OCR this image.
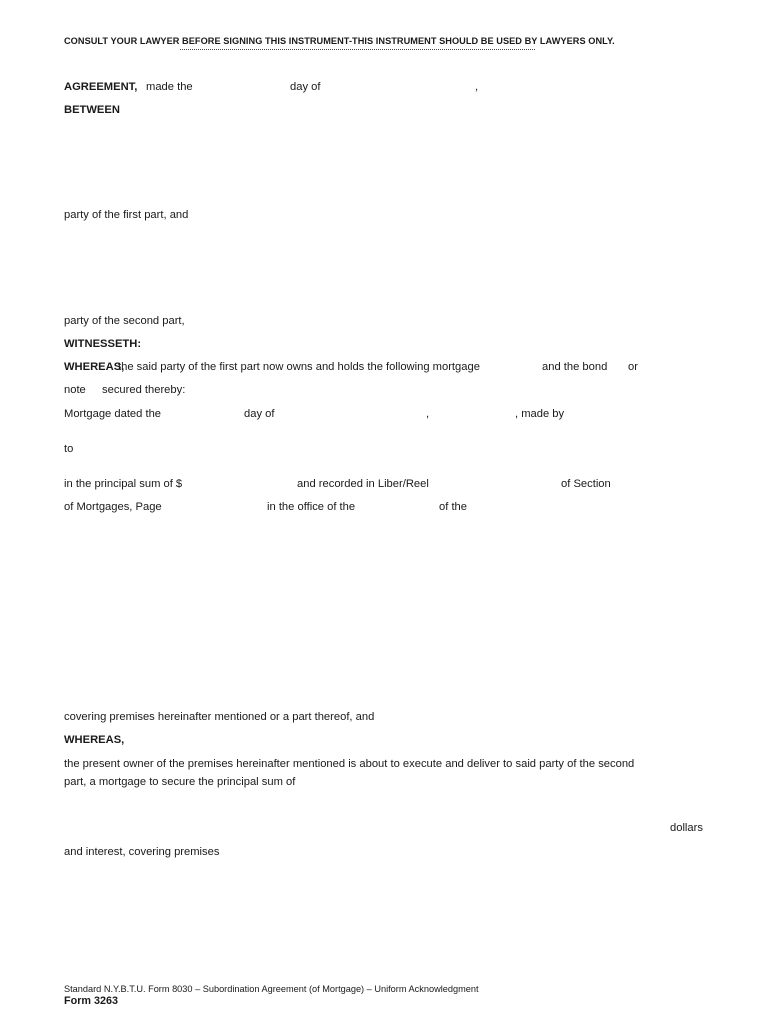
CONSULT YOUR LAWYER BEFORE SIGNING THIS INSTRUMENT-THIS INSTRUMENT SHOULD BE USED BY LAWYERS ONLY.
AGREEMENT, made the	day of	,
BETWEEN
party of the first part, and
party of the second part,
WITNESSETH:
WHEREAS,
the said party of the first part now owns and holds the following mortgage	and the bond or
note secured thereby:
Mortgage dated the	day of	,	, made by
to
in the principal sum of $	and recorded in Liber/Reel	of Section
of Mortgages, Page	in the office of the	of the
covering premises hereinafter mentioned or a part thereof, and
WHEREAS,
the present owner of the premises hereinafter mentioned is about to execute and deliver to said party of the second
part, a mortgage to secure the principal sum of
dollars
and interest, covering premises
Standard N.Y.B.T.U. Form 8030 – Subordination Agreement (of Mortgage) – Uniform Acknowledgment
Form 3263
